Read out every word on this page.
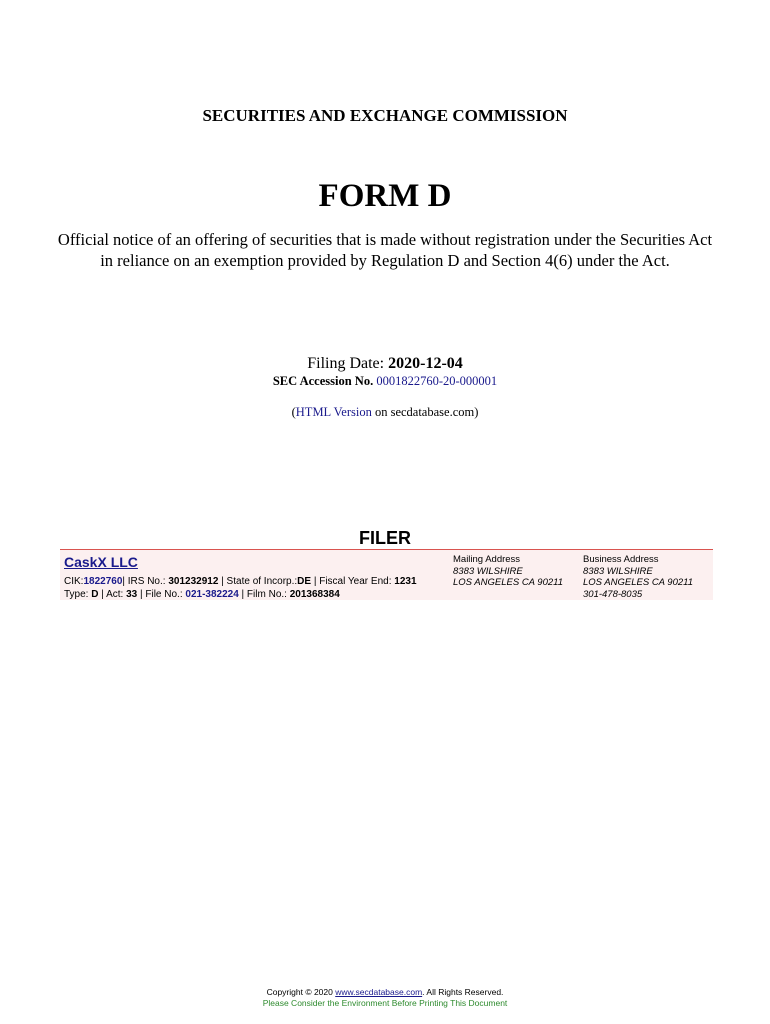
SECURITIES AND EXCHANGE COMMISSION
FORM D
Official notice of an offering of securities that is made without registration under the Securities Act in reliance on an exemption provided by Regulation D and Section 4(6) under the Act.
Filing Date: 2020-12-04
SEC Accession No. 0001822760-20-000001
(HTML Version on secdatabase.com)
FILER
CaskX LLC
CIK:1822760| IRS No.: 301232912 | State of Incorp.:DE | Fiscal Year End: 1231
Type: D | Act: 33 | File No.: 021-382224 | Film No.: 201368384
Mailing Address
8383 WILSHIRE
LOS ANGELES CA 90211
Business Address
8383 WILSHIRE
LOS ANGELES CA 90211
301-478-8035
Copyright © 2020 www.secdatabase.com. All Rights Reserved.
Please Consider the Environment Before Printing This Document
